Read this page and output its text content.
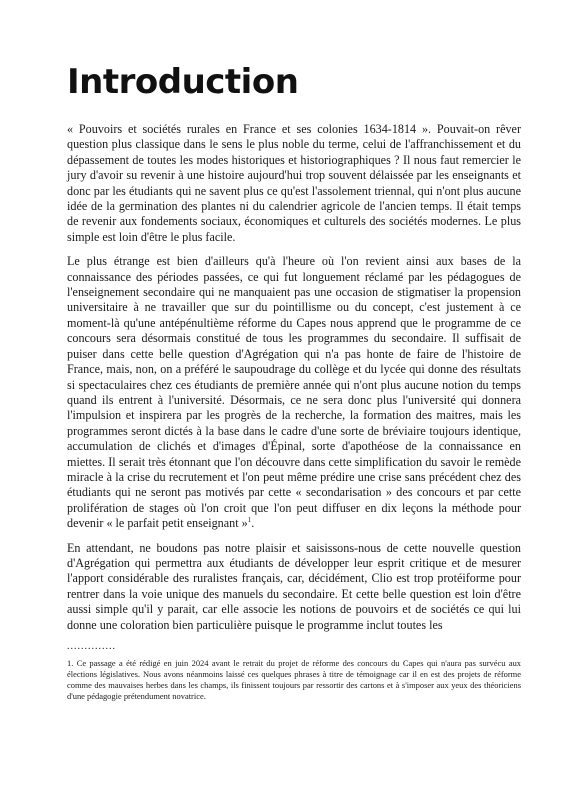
Introduction

« Pouvoirs et sociétés rurales en France et ses colonies 1634-1814 ». Pouvait-on rêver question plus classique dans le sens le plus noble du terme, celui de l'affranchissement et du dépassement de toutes les modes historiques et historiographiques ? Il nous faut remercier le jury d'avoir su revenir à une histoire aujourd'hui trop souvent délaissée par les enseignants et donc par les étudiants qui ne savent plus ce qu'est l'assolement triennal, qui n'ont plus aucune idée de la germination des plantes ni du calendrier agricole de l'ancien temps. Il était temps de revenir aux fondements sociaux, économiques et culturels des sociétés modernes. Le plus simple est loin d'être le plus facile.

Le plus étrange est bien d'ailleurs qu'à l'heure où l'on revient ainsi aux bases de la connaissance des périodes passées, ce qui fut longuement réclamé par les pédagogues de l'enseignement secondaire qui ne manquaient pas une occasion de stigmatiser la propension universitaire à ne travailler que sur du pointillisme ou du concept, c'est justement à ce moment-là qu'une antépénultième réforme du Capes nous apprend que le programme de ce concours sera désormais constitué de tous les programmes du secondaire. Il suffisait de puiser dans cette belle question d'Agrégation qui n'a pas honte de faire de l'histoire de France, mais, non, on a préféré le saupoudrage du collège et du lycée qui donne des résultats si spectaculaires chez ces étudiants de première année qui n'ont plus aucune notion du temps quand ils entrent à l'université. Désormais, ce ne sera donc plus l'université qui donnera l'impulsion et inspirera par les progrès de la recherche, la formation des maitres, mais les programmes seront dictés à la base dans le cadre d'une sorte de bréviaire toujours identique, accumulation de clichés et d'images d'Épinal, sorte d'apothéose de la connaissance en miettes. Il serait très étonnant que l'on découvre dans cette simplification du savoir le remède miracle à la crise du recrutement et l'on peut même prédire une crise sans précédent chez des étudiants qui ne seront pas motivés par cette « secondarisation » des concours et par cette prolifération de stages où l'on croit que l'on peut diffuser en dix leçons la méthode pour devenir « le parfait petit enseignant »$^1$.

En attendant, ne boudons pas notre plaisir et saisissons-nous de cette nouvelle question d'Agrégation qui permettra aux étudiants de développer leur esprit critique et de mesurer l'apport considérable des ruralistes français, car, décidément, Clio est trop protéiforme pour rentrer dans la voie unique des manuels du secondaire. Et cette belle question est loin d'être aussi simple qu'il y parait, car elle associe les notions de pouvoirs et de sociétés ce qui lui donne une coloration bien particulière puisque le programme inclut toutes les

..............
1. Ce passage a été rédigé en juin 2024 avant le retrait du projet de réforme des concours du Capes qui n'aura pas survécu aux élections législatives. Nous avons néanmoins laissé ces quelques phrases à titre de témoignage car il en est des projets de réforme comme des mauvaises herbes dans les champs, ils finissent toujours par ressortir des cartons et à s'imposer aux yeux des théoriciens d'une pédagogie prétendument novatrice.
